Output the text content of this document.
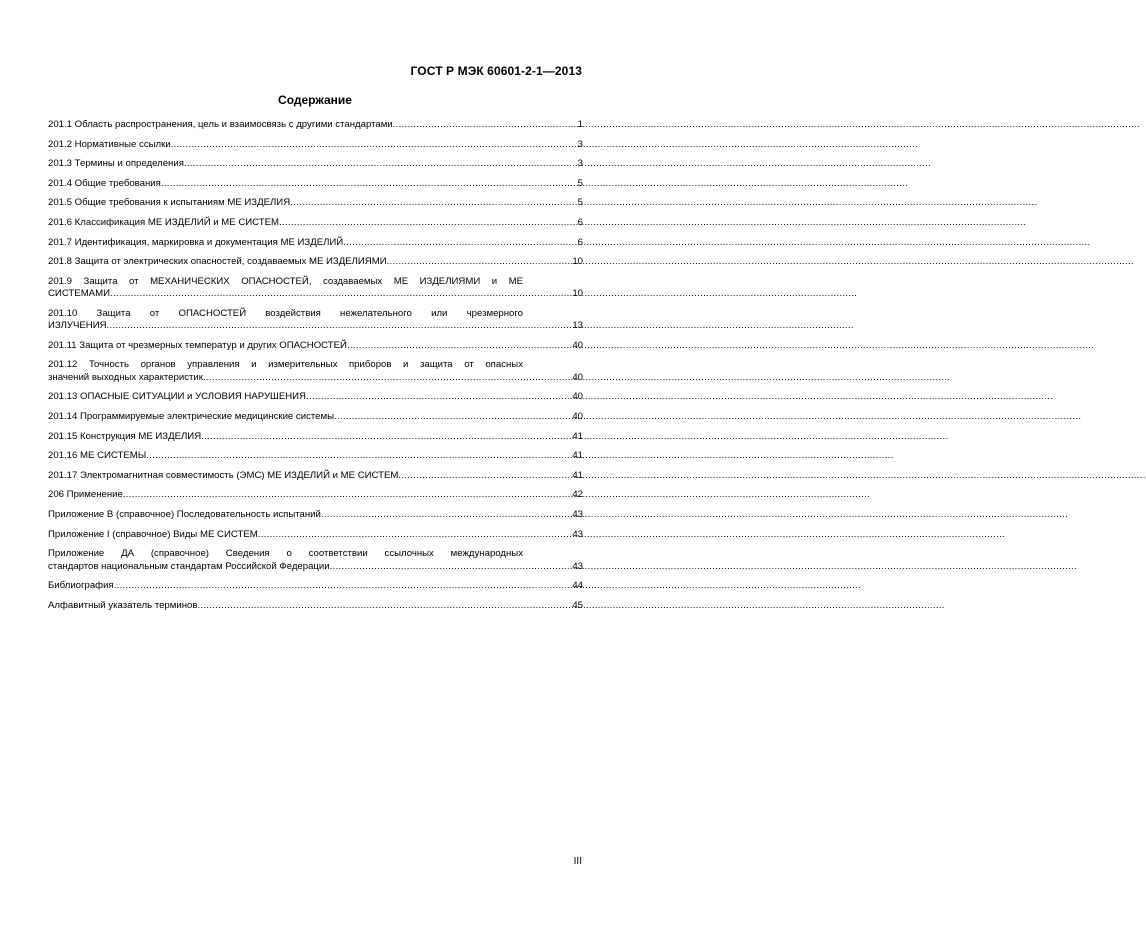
ГОСТ Р МЭК 60601-2-1—2013
Содержание
201.1 Область распространения, цель и взаимосвязь с другими стандартами .....	1
201.2 Нормативные ссылки .....	3
201.3 Термины и определения .....	3
201.4 Общие требования .....	5
201.5 Общие требования к испытаниям МЕ ИЗДЕЛИЯ .....	5
201.6 Классификация МЕ ИЗДЕЛИЙ и МЕ СИСТЕМ .....	6
201.7 Идентификация, маркировка и документация МЕ ИЗДЕЛИЙ .....	6
201.8 Защита от электрических опасностей, создаваемых МЕ ИЗДЕЛИЯМИ .....	10
201.9 Защита от МЕХАНИЧЕСКИХ ОПАСНОСТЕЙ, создаваемых МЕ ИЗДЕЛИЯМИ и МЕ
СИСТЕМАМИ .....	10
201.10 Защита от ОПАСНОСТЕЙ воздействия нежелательного или чрезмерного
ИЗЛУЧЕНИЯ .....	13
201.11 Защита от чрезмерных температур и других ОПАСНОСТЕЙ .....	40
201.12 Точность органов управления и измерительных приборов и защита от опасных
значений выходных характеристик .....	40
201.13 ОПАСНЫЕ СИТУАЦИИ и УСЛОВИЯ НАРУШЕНИЯ .....	40
201.14 Программируемые электрические медицинские системы .....	40
201.15 Конструкция МЕ ИЗДЕЛИЯ .....	41
201.16 МЕ СИСТЕМЫ .....	41
201.17 Электромагнитная совместимость (ЭМС) МЕ ИЗДЕЛИЙ и МЕ СИСТЕМ .....	41
206 Применение .....	42
Приложение В (справочное) Последовательность испытаний .....	43
Приложение I (справочное) Виды МЕ СИСТЕМ .....	43
Приложение ДА (справочное) Сведения о соответствии ссылочных международных
стандартов национальным стандартам Российской Федерации .....	43
Библиография .....	44
Алфавитный указатель терминов .....	45
III
